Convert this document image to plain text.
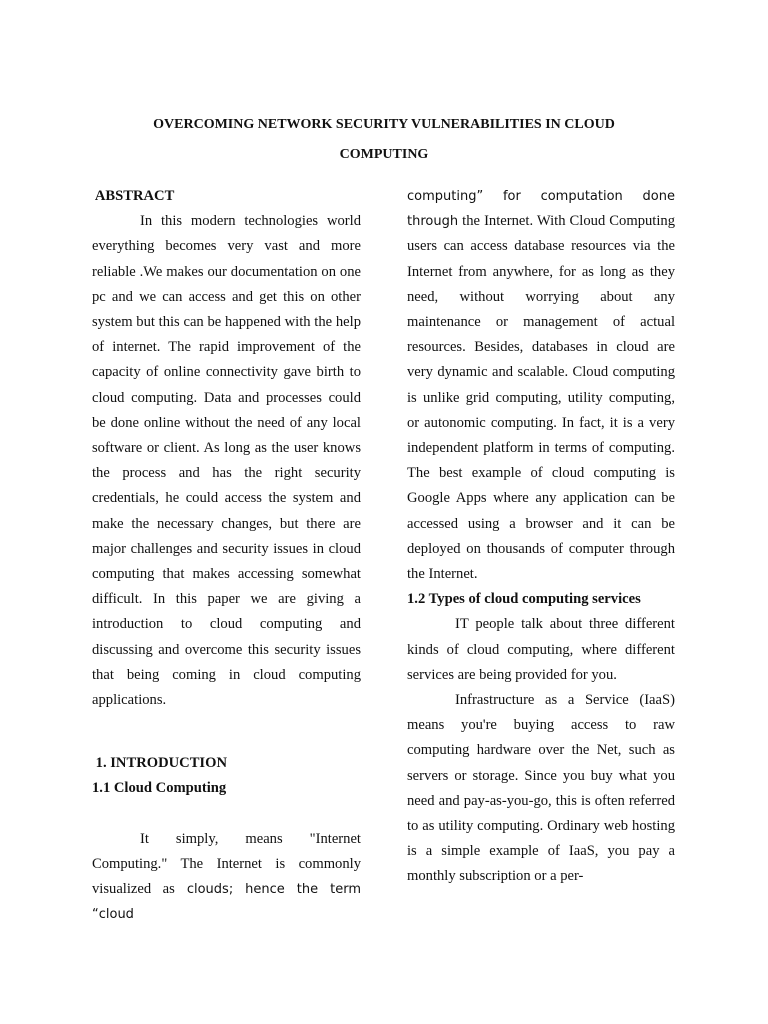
OVERCOMING NETWORK SECURITY VULNERABILITIES IN CLOUD
COMPUTING

ABSTRACT

In this modern technologies world everything becomes very vast and more reliable .We makes our documentation on one pc and we can access and get this on other system but this can be happened with the help of internet. The rapid improvement of the capacity of online connectivity gave birth to cloud computing. Data and processes could be done online without the need of any local software or client. As long as the user knows the process and has the right security credentials, he could access the system and make the necessary changes, but there are major challenges and security issues in cloud computing that makes accessing somewhat difficult. In this paper we are giving a introduction to cloud computing and discussing and overcome this security issues that being coming in cloud computing applications.

1. INTRODUCTION

1.1 Cloud Computing

It simply, means "Internet Computing." The Internet is commonly visualized as clouds; hence the term “cloud

computing” for computation done through the Internet. With Cloud Computing users can access database resources via the Internet from anywhere, for as long as they need, without worrying about any maintenance or management of actual resources. Besides, databases in cloud are very dynamic and scalable. Cloud computing is unlike grid computing, utility computing, or autonomic computing. In fact, it is a very independent platform in terms of computing. The best example of cloud computing is Google Apps where any application can be accessed using a browser and it can be deployed on thousands of computer through the Internet.

1.2 Types of cloud computing services

IT people talk about three different kinds of cloud computing, where different services are being provided for you.

Infrastructure as a Service (IaaS) means you're buying access to raw computing hardware over the Net, such as servers or storage. Since you buy what you need and pay-as-you-go, this is often referred to as utility computing. Ordinary web hosting is a simple example of IaaS, you pay a monthly subscription or a per-
